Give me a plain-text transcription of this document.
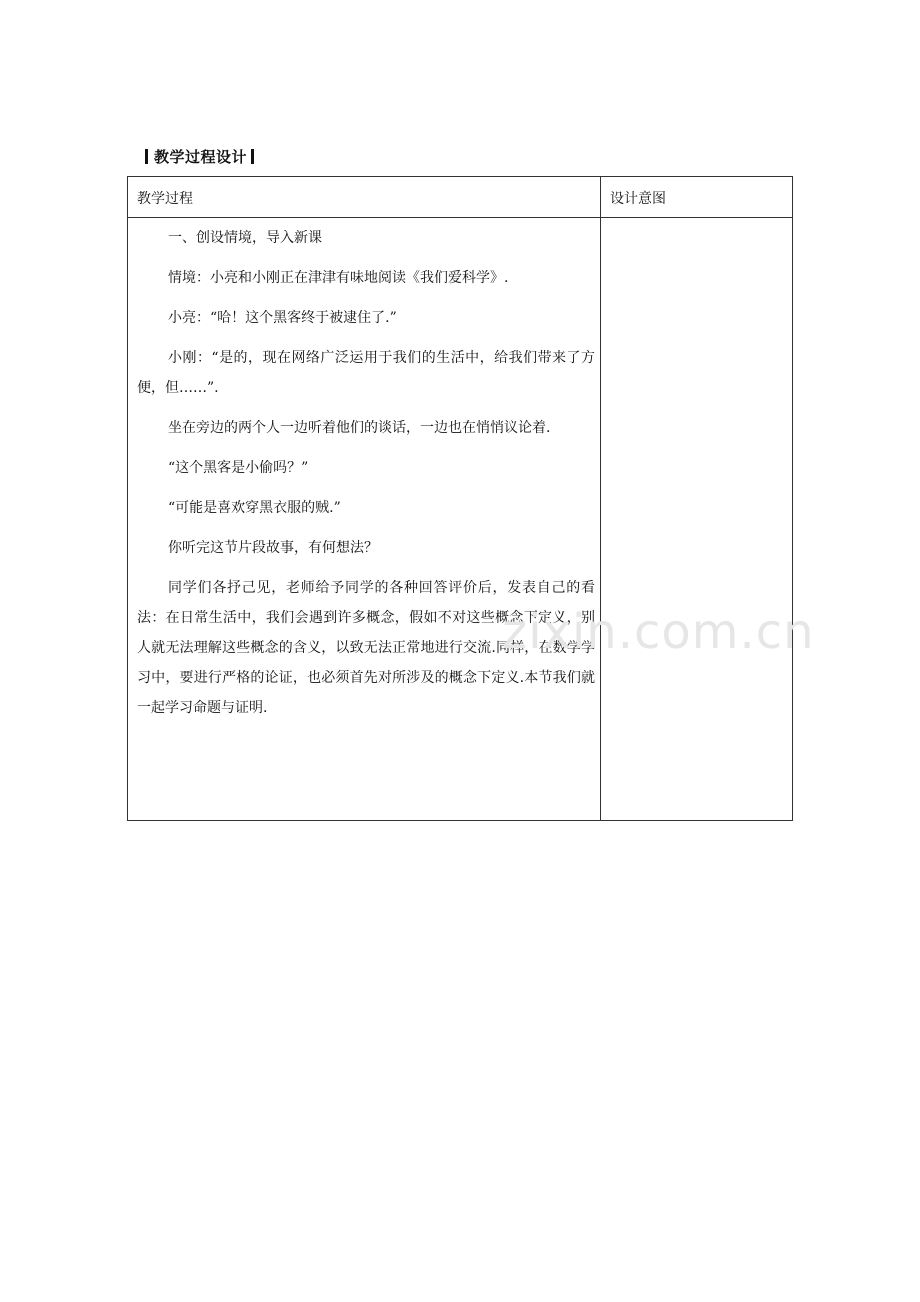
教学过程设计
教学过程	设计意图

一、创设情境，导入新课

情境：小亮和小刚正在津津有味地阅读《我们爱科学》.

小亮：“哈！这个黑客终于被逮住了.”

小刚：“是的，现在网络广泛运用于我们的生活中，给我们带来了方便，但……”.

坐在旁边的两个人一边听着他们的谈话，一边也在悄悄议论着.

“这个黑客是小偷吗？”

“可能是喜欢穿黑衣服的贼.”

你听完这节片段故事，有何想法？

同学们各抒己见，老师给予同学的各种回答评价后，发表自己的看法：在日常生活中，我们会遇到许多概念，假如不对这些概念下定义，别人就无法理解这些概念的含义，以致无法正常地进行交流.同样，在数学学习中，要进行严格的论证，也必须首先对所涉及的概念下定义.本节我们就一起学习命题与证明.

zixin.com.cn
